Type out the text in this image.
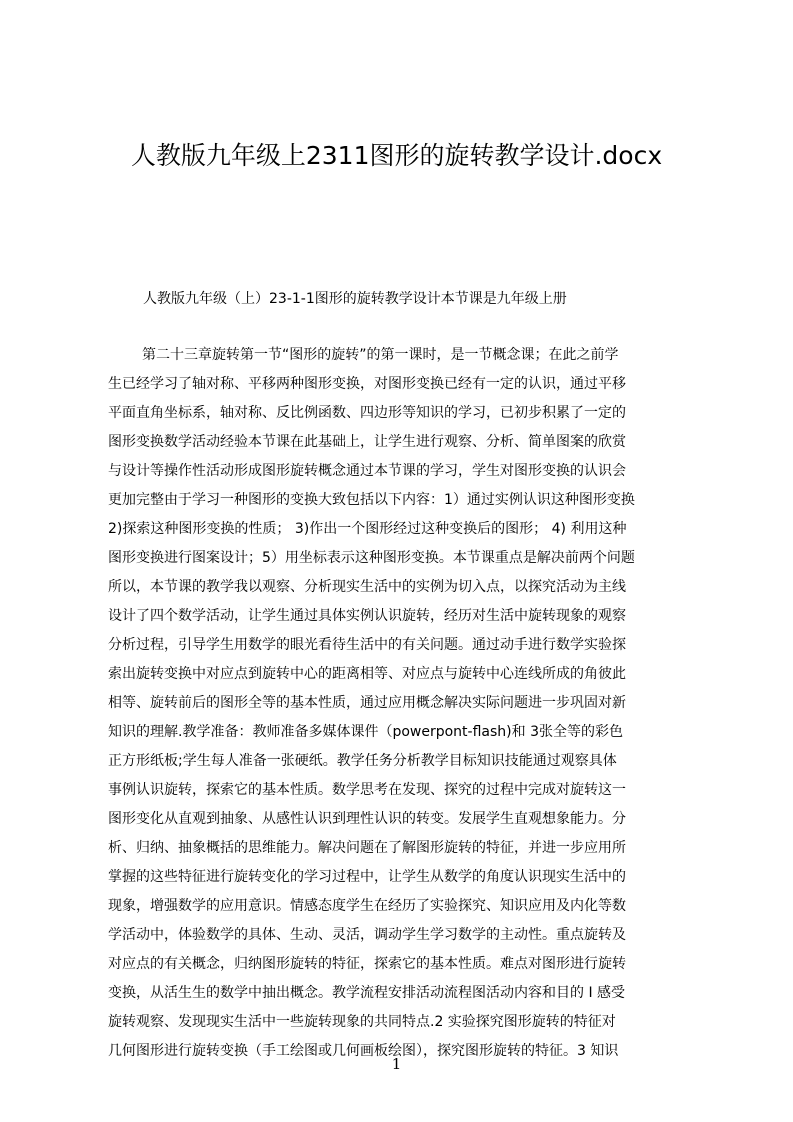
人教版九年级上2311图形的旋转教学设计.docx
人教版九年级（上）23-1-1图形的旋转教学设计本节课是九年级上册
第二十三章旋转第一节“图形的旋转”的第一课时，是一节概念课；在此之前学
生已经学习了轴对称、平移两种图形变换，对图形变换已经有一定的认识，通过平移
平面直角坐标系，轴对称、反比例函数、四边形等知识的学习，已初步积累了一定的
图形变换数学活动经验本节课在此基础上，让学生进行观察、分析、简单图案的欣赏
与设计等操作性活动形成图形旋转概念通过本节课的学习，学生对图形变换的认识会
更加完整由于学习一种图形的变换大致包括以下内容：1）通过实例认识这种图形变换
2)探索这种图形变换的性质； 3)作出一个图形经过这种变换后的图形； 4) 利用这种
图形变换进行图案设计；5）用坐标表示这种图形变换。本节课重点是解决前两个问题
所以，本节课的教学我以观察、分析现实生活中的实例为切入点，以探究活动为主线
设计了四个数学活动，让学生通过具体实例认识旋转，经历对生活中旋转现象的观察
分析过程，引导学生用数学的眼光看待生活中的有关问题。通过动手进行数学实验探
索出旋转变换中对应点到旋转中心的距离相等、对应点与旋转中心连线所成的角彼此
相等、旋转前后的图形全等的基本性质，通过应用概念解决实际问题进一步巩固对新
知识的理解.教学准备：教师准备多媒体课件（powerpont-flash)和 3张全等的彩色
正方形纸板;学生每人准备一张硬纸。教学任务分析教学目标知识技能通过观察具体
事例认识旋转，探索它的基本性质。数学思考在发现、探究的过程中完成对旋转这一
图形变化从直观到抽象、从感性认识到理性认识的转变。发展学生直观想象能力。分
析、归纳、抽象概括的思维能力。解决问题在了解图形旋转的特征，并进一步应用所
掌握的这些特征进行旋转变化的学习过程中，让学生从数学的角度认识现实生活中的
现象，增强数学的应用意识。情感态度学生在经历了实验探究、知识应用及内化等数
学活动中，体验数学的具体、生动、灵活，调动学生学习数学的主动性。重点旋转及
对应点的有关概念，归纳图形旋转的特征，探索它的基本性质。难点对图形进行旋转
变换，从活生生的数学中抽出概念。教学流程安排活动流程图活动内容和目的 I 感受
旋转观察、发现现实生活中一些旋转现象的共同特点.2 实验探究图形旋转的特征对
几何图形进行旋转变换（手工绘图或几何画板绘图），探究图形旋转的特征。3 知识
1
